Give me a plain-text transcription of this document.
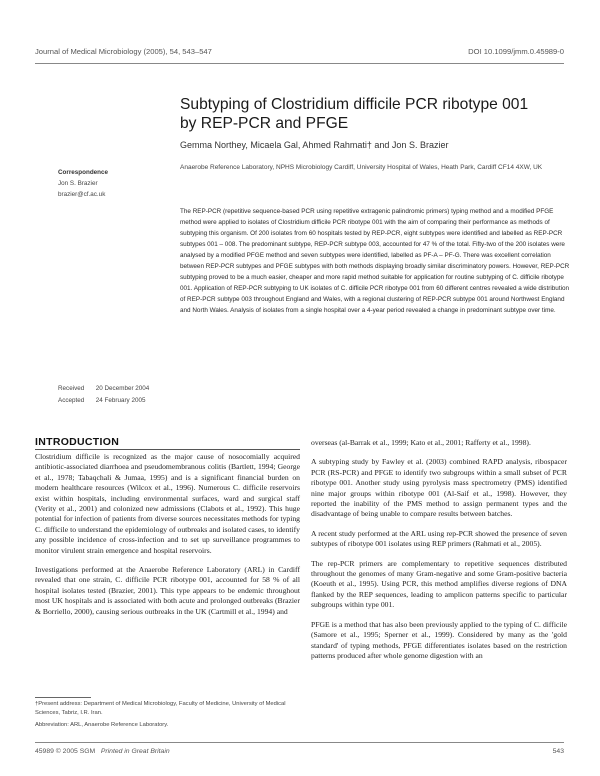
Journal of Medical Microbiology (2005), 54, 543–547	DOI 10.1099/jmm.0.45989-0
Subtyping of Clostridium difficile PCR ribotype 001
by REP-PCR and PFGE
Gemma Northey, Micaela Gal, Ahmed Rahmati† and Jon S. Brazier
Anaerobe Reference Laboratory, NPHS Microbiology Cardiff, University Hospital of Wales, Heath Park, Cardiff CF14 4XW, UK
Correspondence
Jon S. Brazier
brazier@cf.ac.uk
The REP-PCR (repetitive sequence-based PCR using repetitive extragenic palindromic primers) typing method and a modified PFGE method were applied to isolates of Clostridium difficile PCR ribotype 001 with the aim of comparing their performance as methods of subtyping this organism. Of 200 isolates from 60 hospitals tested by REP-PCR, eight subtypes were identified and labelled as REP-PCR subtypes 001 – 008. The predominant subtype, REP-PCR subtype 003, accounted for 47 % of the total. Fifty-two of the 200 isolates were analysed by a modified PFGE method and seven subtypes were identified, labelled as PF-A – PF-G. There was excellent correlation between REP-PCR subtypes and PFGE subtypes with both methods displaying broadly similar discriminatory powers. However, REP-PCR subtyping proved to be a much easier, cheaper and more rapid method suitable for application for routine subtyping of C. difficile ribotype 001. Application of REP-PCR subtyping to UK isolates of C. difficile PCR ribotype 001 from 60 different centres revealed a wide distribution of REP-PCR subtype 003 throughout England and Wales, with a regional clustering of REP-PCR subtype 001 around Northwest England and North Wales. Analysis of isolates from a single hospital over a 4-year period revealed a change in predominant subtype over time.
Received 20 December 2004
Accepted 24 February 2005
INTRODUCTION

Clostridium difficile is recognized as the major cause of nosocomially acquired antibiotic-associated diarrhoea and pseudomembranous colitis (Bartlett, 1994; George et al., 1978; Tabaqchali & Jumaa, 1995) and is a significant financial burden on modern healthcare resources (Wilcox et al., 1996). Numerous C. difficile reservoirs exist within hospitals, including environmental surfaces, ward and surgical staff (Verity et al., 2001) and colonized new admissions (Clabots et al., 1992). This huge potential for infection of patients from diverse sources necessitates methods for typing C. difficile to understand the epidemiology of outbreaks and isolated cases, to identify any possible incidence of cross-infection and to set up surveillance programmes to monitor virulent strain emergence and hospital reservoirs.

Investigations performed at the Anaerobe Reference Laboratory (ARL) in Cardiff revealed that one strain, C. difficile PCR ribotype 001, accounted for 58 % of all hospital isolates tested (Brazier, 2001). This type appears to be endemic throughout most UK hospitals and is associated with both acute and prolonged outbreaks (Brazier & Borriello, 2000), causing serious outbreaks in the UK (Cartmill et al., 1994) and

overseas (al-Barrak et al., 1999; Kato et al., 2001; Rafferty et al., 1998).

A subtyping study by Fawley et al. (2003) combined RAPD analysis, ribospacer PCR (RS-PCR) and PFGE to identify two subgroups within a small subset of PCR ribotype 001. Another study using pyrolysis mass spectrometry (PMS) identified nine major groups within ribotype 001 (Al-Saif et al., 1998). However, they reported the inability of the PMS method to assign permanent types and the disadvantage of being unable to compare results between batches.

A recent study performed at the ARL using rep-PCR showed the presence of seven subtypes of ribotype 001 isolates using REP primers (Rahmati et al., 2005).

The rep-PCR primers are complementary to repetitive sequences distributed throughout the genomes of many Gram-negative and some Gram-positive bacteria (Koeuth et al., 1995). Using PCR, this method amplifies diverse regions of DNA flanked by the REP sequences, leading to amplicon patterns specific to particular subgroups within type 001.

PFGE is a method that has also been previously applied to the typing of C. difficile (Samore et al., 1995; Sperner et al., 1999). Considered by many as the 'gold standard' of typing methods, PFGE differentiates isolates based on the restriction patterns produced after whole genome digestion with an

†Present address: Department of Medical Microbiology, Faculty of Medicine, University of Medical Sciences, Tabriz, I.R. Iran.

Abbreviation: ARL, Anaerobe Reference Laboratory.

45989 © 2005 SGM Printed in Great Britain	543
